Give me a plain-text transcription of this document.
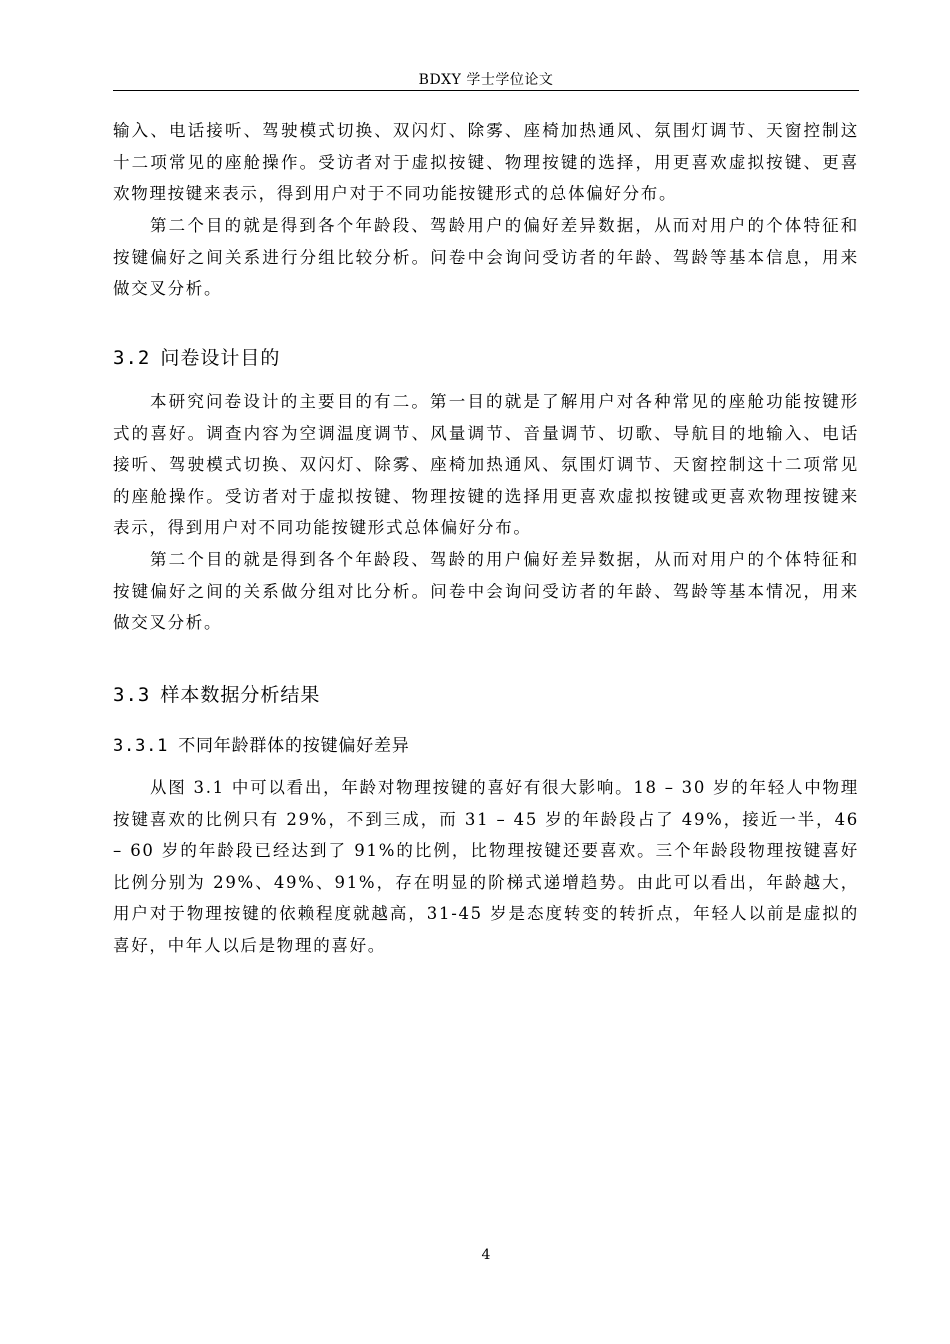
BDXY 学士学位论文

输入、电话接听、驾驶模式切换、双闪灯、除雾、座椅加热通风、氛围灯调节、天窗控制这十二项常见的座舱操作。受访者对于虚拟按键、物理按键的选择，用更喜欢虚拟按键、更喜欢物理按键来表示，得到用户对于不同功能按键形式的总体偏好分布。

第二个目的就是得到各个年龄段、驾龄用户的偏好差异数据，从而对用户的个体特征和按键偏好之间关系进行分组比较分析。问卷中会询问受访者的年龄、驾龄等基本信息，用来做交叉分析。

3.2 问卷设计目的

本研究问卷设计的主要目的有二。第一目的就是了解用户对各种常见的座舱功能按键形式的喜好。调查内容为空调温度调节、风量调节、音量调节、切歌、导航目的地输入、电话接听、驾驶模式切换、双闪灯、除雾、座椅加热通风、氛围灯调节、天窗控制这十二项常见的座舱操作。受访者对于虚拟按键、物理按键的选择用更喜欢虚拟按键或更喜欢物理按键来表示，得到用户对不同功能按键形式总体偏好分布。

第二个目的就是得到各个年龄段、驾龄的用户偏好差异数据，从而对用户的个体特征和按键偏好之间的关系做分组对比分析。问卷中会询问受访者的年龄、驾龄等基本情况，用来做交叉分析。

3.3 样本数据分析结果
3.3.1 不同年龄群体的按键偏好差异

从图 3.1 中可以看出，年龄对物理按键的喜好有很大影响。18 – 30 岁的年轻人中物理按键喜欢的比例只有 29%，不到三成，而 31 – 45 岁的年龄段占了 49%，接近一半，46 – 60 岁的年龄段已经达到了 91%的比例，比物理按键还要喜欢。三个年龄段物理按键喜好比例分别为 29%、49%、91%，存在明显的阶梯式递增趋势。由此可以看出，年龄越大，用户对于物理按键的依赖程度就越高，31-45 岁是态度转变的转折点，年轻人以前是虚拟的喜好，中年人以后是物理的喜好。

4
